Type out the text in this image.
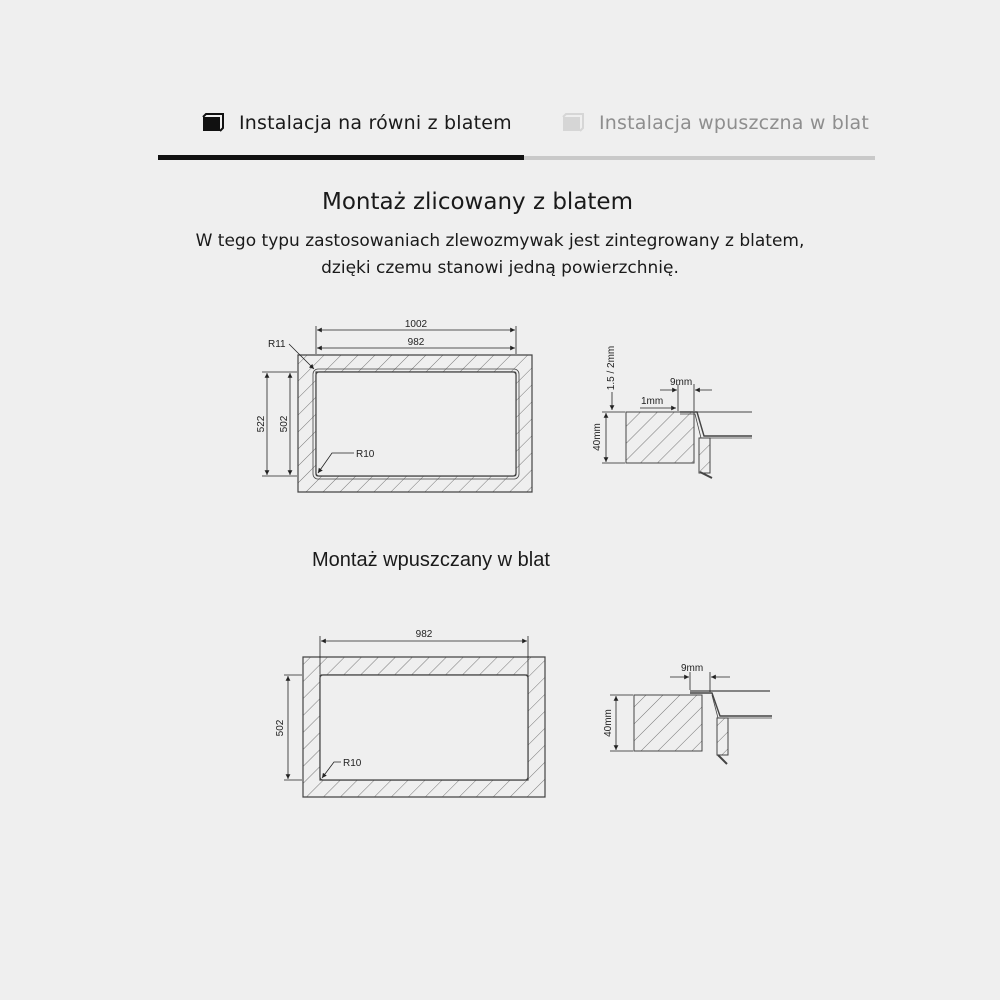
Instalacja na równi z blatem	Instalacja wpuszczna w blat
Montaż zlicowany z blatem
W tego typu zastosowaniach zlewozmywak jest zintegrowany z blatem,
dzięki czemu stanowi jedną powierzchnię.
Montaż wpuszczany w blat
1002
982
522 502
R11
R10
40mm
1.5 / 2mm	9mm
1mm
982
502
R10
40mm
9mm
